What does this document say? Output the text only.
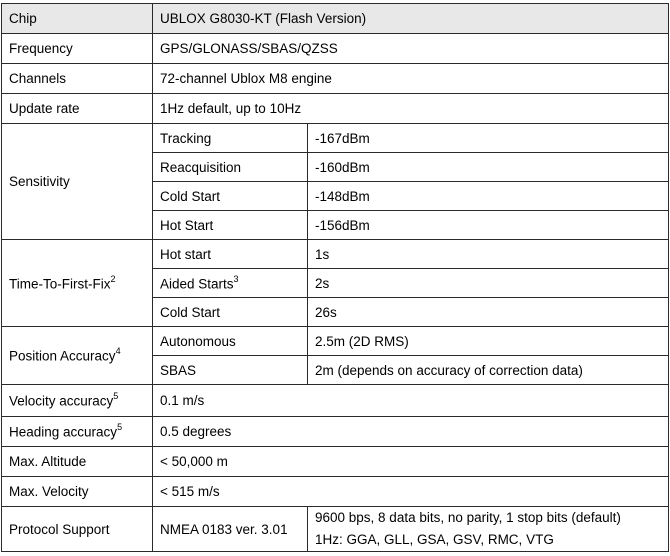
Chip	UBLOX G8030-KT (Flash Version)	
Frequency	GPS/GLONASS/SBAS/QZSS	
Channels	72-channel Ublox M8 engine	
Update rate	1Hz default, up to 10Hz	
Sensitivity	Tracking	-167dBm
	Reacquisition	-160dBm
	Cold Start	-148dBm
	Hot Start	-156dBm
Time-To-First-Fix$^2$	Hot start	1s
	Aided Starts$^3$	2s
	Cold Start	26s
Position Accuracy$^4$	Autonomous	2.5m (2D RMS)
	SBAS	2m (depends on accuracy of correction data)
Velocity accuracy$^5$	0.1 m/s	
Heading accuracy$^5$	0.5 degrees	
Max. Altitude	< 50,000 m	
Max. Velocity	< 515 m/s	
Protocol Support	NMEA 0183 ver. 3.01	9600 bps, 8 data bits, no parity, 1 stop bits (default)
1Hz: GGA, GLL, GSA, GSV, RMC, VTG
